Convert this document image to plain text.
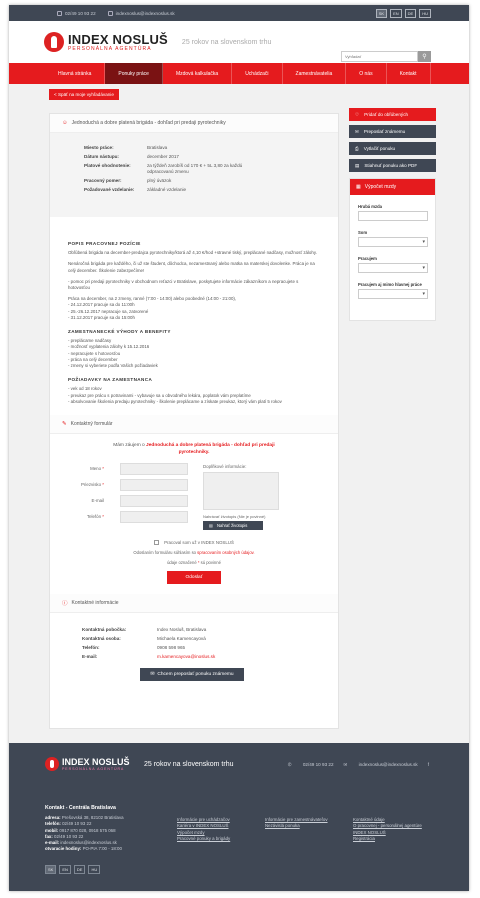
02/49 10 93 22	indexnoslus@indexnoslus.sk	SK	EN	DE	HU
INDEX NOSLUŠ
PERSONÁLNA AGENTÚRA
25 rokov na slovenskom trhu
Vyhľadať
⚲
Hlavná stránka	Ponuky práce	Mzdová kalkulačka	Uchádzači	Zamestnávatelia	O nás	Kontakt
< Späť na moje vyhľadávanie
☺ Jednoduchá a dobre platená brigáda - dohľad pri predaji pyrotechniky
Miesto práce:	Bratislava
Dátum nástupu:	december 2017
Platové ohodnotenie:	za týždeň zarobíš od 170 € + 5L 3,80 za každú odpracovanú zmenu
Pracovný pomer:	plný úväzok
Požadované vzdelanie:	základné vzdelanie
POPIS PRACOVNEJ POZÍCIE

Obľúbená brigáda na december-predajca pyrotechniky/ktorá až 4,10 €/hod +stravné tiský, preplácané nadčasy, možnosť zálohy.

Nenáročná brigáda pre každého, či už ste študent, dôchodca, nezamestnaný alebo matka na materskej dovolenke. Práca je na celý december. Školenie zabezpečíme!

- pomoc pri predaji pyrotechniky v obchodnom reťazci v Bratislave, poskytujete informácie zákazníkom a nepracujete s hotovosťou

Práca na december, na 2 zmeny, ranné (7:00 - 14:00) alebo poobedné (14:00 - 21:00),
- 24.12.2017 pracuje sa do 11:00h
- 25.-26.12.2017 nepracuje sa, zatvorené
- 31.12.2017 pracuje sa do 15:00h
ZAMESTNANECKÉ VÝHODY A BENEFITY
- preplácame nadčasy
- možnosť vyplatenia zálohy k 15.12.2016
- nepracujete s hotovosťou
- práca na celý december
- zmeny si vyberiete podľa Vašich požiadaviek
POŽIADAVKY NA ZAMESTNANCA
- vek od 18 rokov
- preukaz pre prácu s potravinami - vybavuje sa u obvodného lekára, poplatok vám preplatíme
- absolvovanie školenia predaju pyrotechniky - školenie preplácame a získate preukaz, ktorý vám platí 5 rokov
✎ Kontaktný formulár
Mám záujem o Jednoduchá a dobre platená brigáda - dohľad pri predaji pyrotechniky.
Meno *
Priezvisko *
E-mail
Telefón *
Doplňkové informácie:
Nahrávať životopis (Nie je povinné)
▤ Nahrať životopis
Pracoval som už v INDEX NOSLUŠ
Odoslaním formuláru súhlasím so spracovaním osobných údajov.
údaje označené * sú povinné
Odoslať
ⓘ Kontaktné informácie
Kontaktná pobočka:	Index Nosluš, Bratislava
Kontaktná osoba:	Michaela Kamencayová
Telefón:	0908 598 965
E-mail:	m.kamencayova@inoslus.sk
✉ Chcem preposlať ponuku známemu
♡ Pridať do obľúbených
✉ Preposlať známemu
⎙ Vytlačiť ponuku
▤ Stiahnuť ponuku ako PDF
▦ Výpočet mzdy
Hrubá mzda
Som
▾
Pracujem
▾
Pracujem aj mimo hlavnej práce
▾
INDEX NOSLUŠ
PERSONÁLNA AGENTÚRA
25 rokov na slovenskom trhu	✆ 02/49 10 93 22 ✉ indexnoslus@indexnoslus.sk f
Kontakt - Centrála Bratislava
adresa: Prešovská 38, 82102 Bratislava
telefón: 02/49 10 93 22
mobil: 0917 870 028, 0918 575 068
fax: 02/49 10 93 22
e-mail: indexnoslus@indexnoslus.sk
otvaracie hodiny: PO-PIA 7:00 - 18:00
Informácie pre uchádzačov
Kariéra v INDEX NOSLUŠ
Výpočet mzdy
Pracovné ponuky a brigády
Informácie pre zamestnávateľov
Nezávislá ponuka
Kontaktné údaje
O pracovnej - personálnej agentúre INDEX NOSLUŠ
Registrácia
SK	EN	DE	HU
